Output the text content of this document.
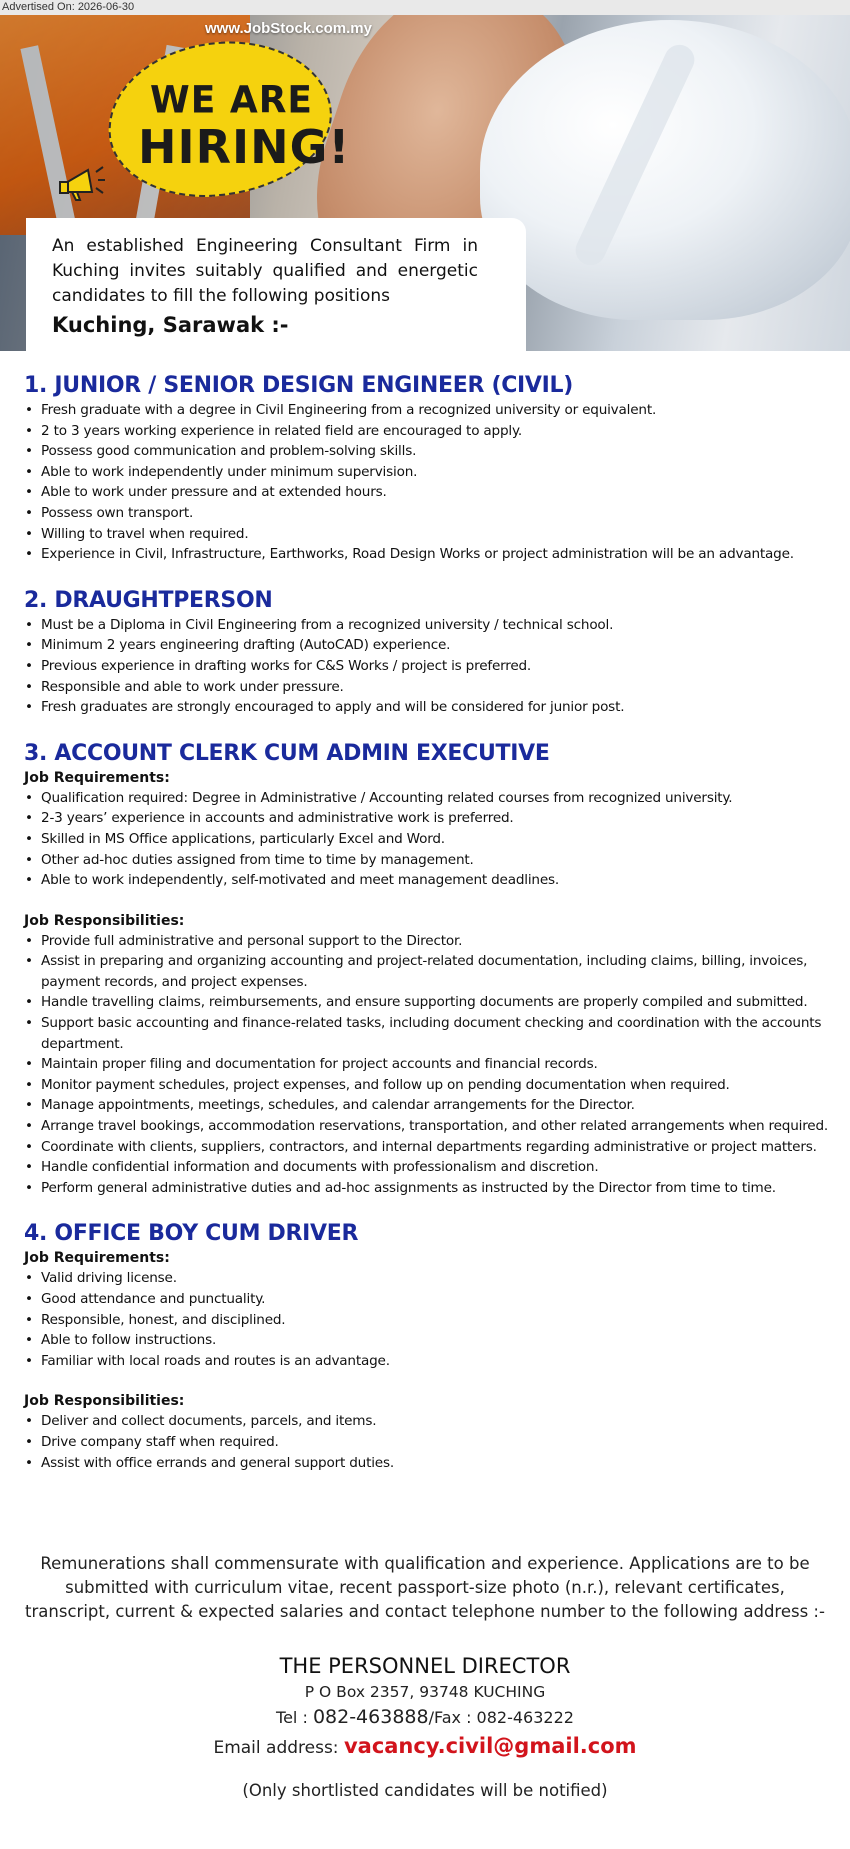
Advertised On: 2026-06-30
www.JobStock.com.my
WE ARE
HIRING!
An established Engineering Consultant Firm in Kuching invites suitably qualified and energetic candidates to fill the following positions
Kuching, Sarawak :-
1. JUNIOR / SENIOR DESIGN ENGINEER (CIVIL)
• Fresh graduate with a degree in Civil Engineering from a recognized university or equivalent.
• 2 to 3 years working experience in related field are encouraged to apply.
• Possess good communication and problem-solving skills.
• Able to work independently under minimum supervision.
• Able to work under pressure and at extended hours.
• Possess own transport.
• Willing to travel when required.
• Experience in Civil, Infrastructure, Earthworks, Road Design Works or project administration will be an advantage.
2. DRAUGHTPERSON
• Must be a Diploma in Civil Engineering from a recognized university / technical school.
• Minimum 2 years engineering drafting (AutoCAD) experience.
• Previous experience in drafting works for C&S Works / project is preferred.
• Responsible and able to work under pressure.
• Fresh graduates are strongly encouraged to apply and will be considered for junior post.
3. ACCOUNT CLERK CUM ADMIN EXECUTIVE

Job Requirements:

• Qualification required: Degree in Administrative / Accounting related courses from recognized university.
• 2-3 years’ experience in accounts and administrative work is preferred.
• Skilled in MS Office applications, particularly Excel and Word.
• Other ad-hoc duties assigned from time to time by management.
• Able to work independently, self-motivated and meet management deadlines.

Job Responsibilities:

• Provide full administrative and personal support to the Director.
• Assist in preparing and organizing accounting and project-related documentation, including claims, billing, invoices, payment records, and project expenses.
• Handle travelling claims, reimbursements, and ensure supporting documents are properly compiled and submitted.
• Support basic accounting and finance-related tasks, including document checking and coordination with the accounts department.
• Maintain proper filing and documentation for project accounts and financial records.
• Monitor payment schedules, project expenses, and follow up on pending documentation when required.
• Manage appointments, meetings, schedules, and calendar arrangements for the Director.
• Arrange travel bookings, accommodation reservations, transportation, and other related arrangements when required.
• Coordinate with clients, suppliers, contractors, and internal departments regarding administrative or project matters.
• Handle confidential information and documents with professionalism and discretion.
• Perform general administrative duties and ad-hoc assignments as instructed by the Director from time to time.
4. OFFICE BOY CUM DRIVER

Job Requirements:

• Valid driving license.
• Good attendance and punctuality.
• Responsible, honest, and disciplined.
• Able to follow instructions.
• Familiar with local roads and routes is an advantage.

Job Responsibilities:

• Deliver and collect documents, parcels, and items.
• Drive company staff when required.
• Assist with office errands and general support duties.
Remunerations shall commensurate with qualification and experience. Applications are to be submitted with curriculum vitae, recent passport-size photo (n.r.), relevant certificates, transcript, current & expected salaries and contact telephone number to the following address :-
THE PERSONNEL DIRECTOR
P O Box 2357, 93748 KUCHING
Tel : 082-463888/Fax : 082-463222
Email address: vacancy.civil@gmail.com
(Only shortlisted candidates will be notified)
